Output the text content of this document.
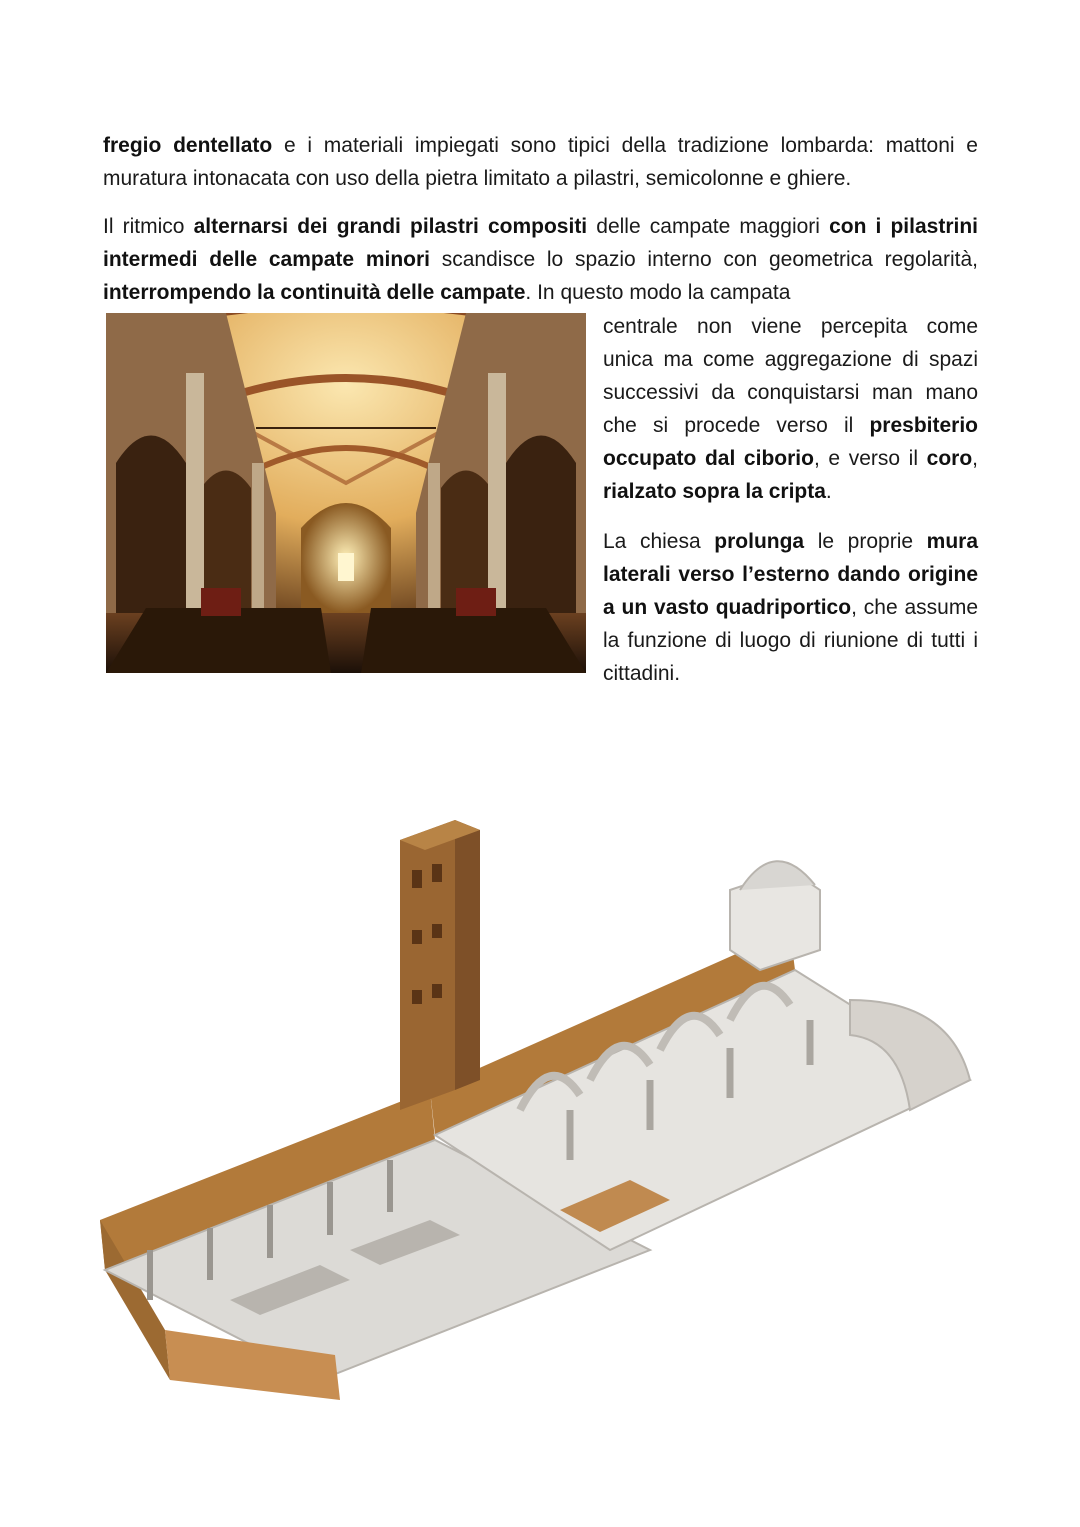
fregio dentellato e i materiali impiegati sono tipici della tradizione lombarda: mattoni e muratura intonacata con uso della pietra limitato a pilastri, semicolonne e ghiere.

Il ritmico alternarsi dei grandi pilastri compositi delle campate maggiori con i pilastrini intermedi delle campate minori scandisce lo spazio interno con geometrica regolarità, interrompendo la continuità delle campate. In questo modo la campata

centrale non viene percepita come unica ma come aggregazione di spazi successivi da conquistarsi man mano che si procede verso il presbiterio occupato dal ciborio, e verso il coro, rialzato sopra la cripta.

La chiesa prolunga le proprie mura laterali verso l’esterno dando origine a un vasto quadriportico, che assume la funzione di luogo di riunione di tutti i cittadini.
